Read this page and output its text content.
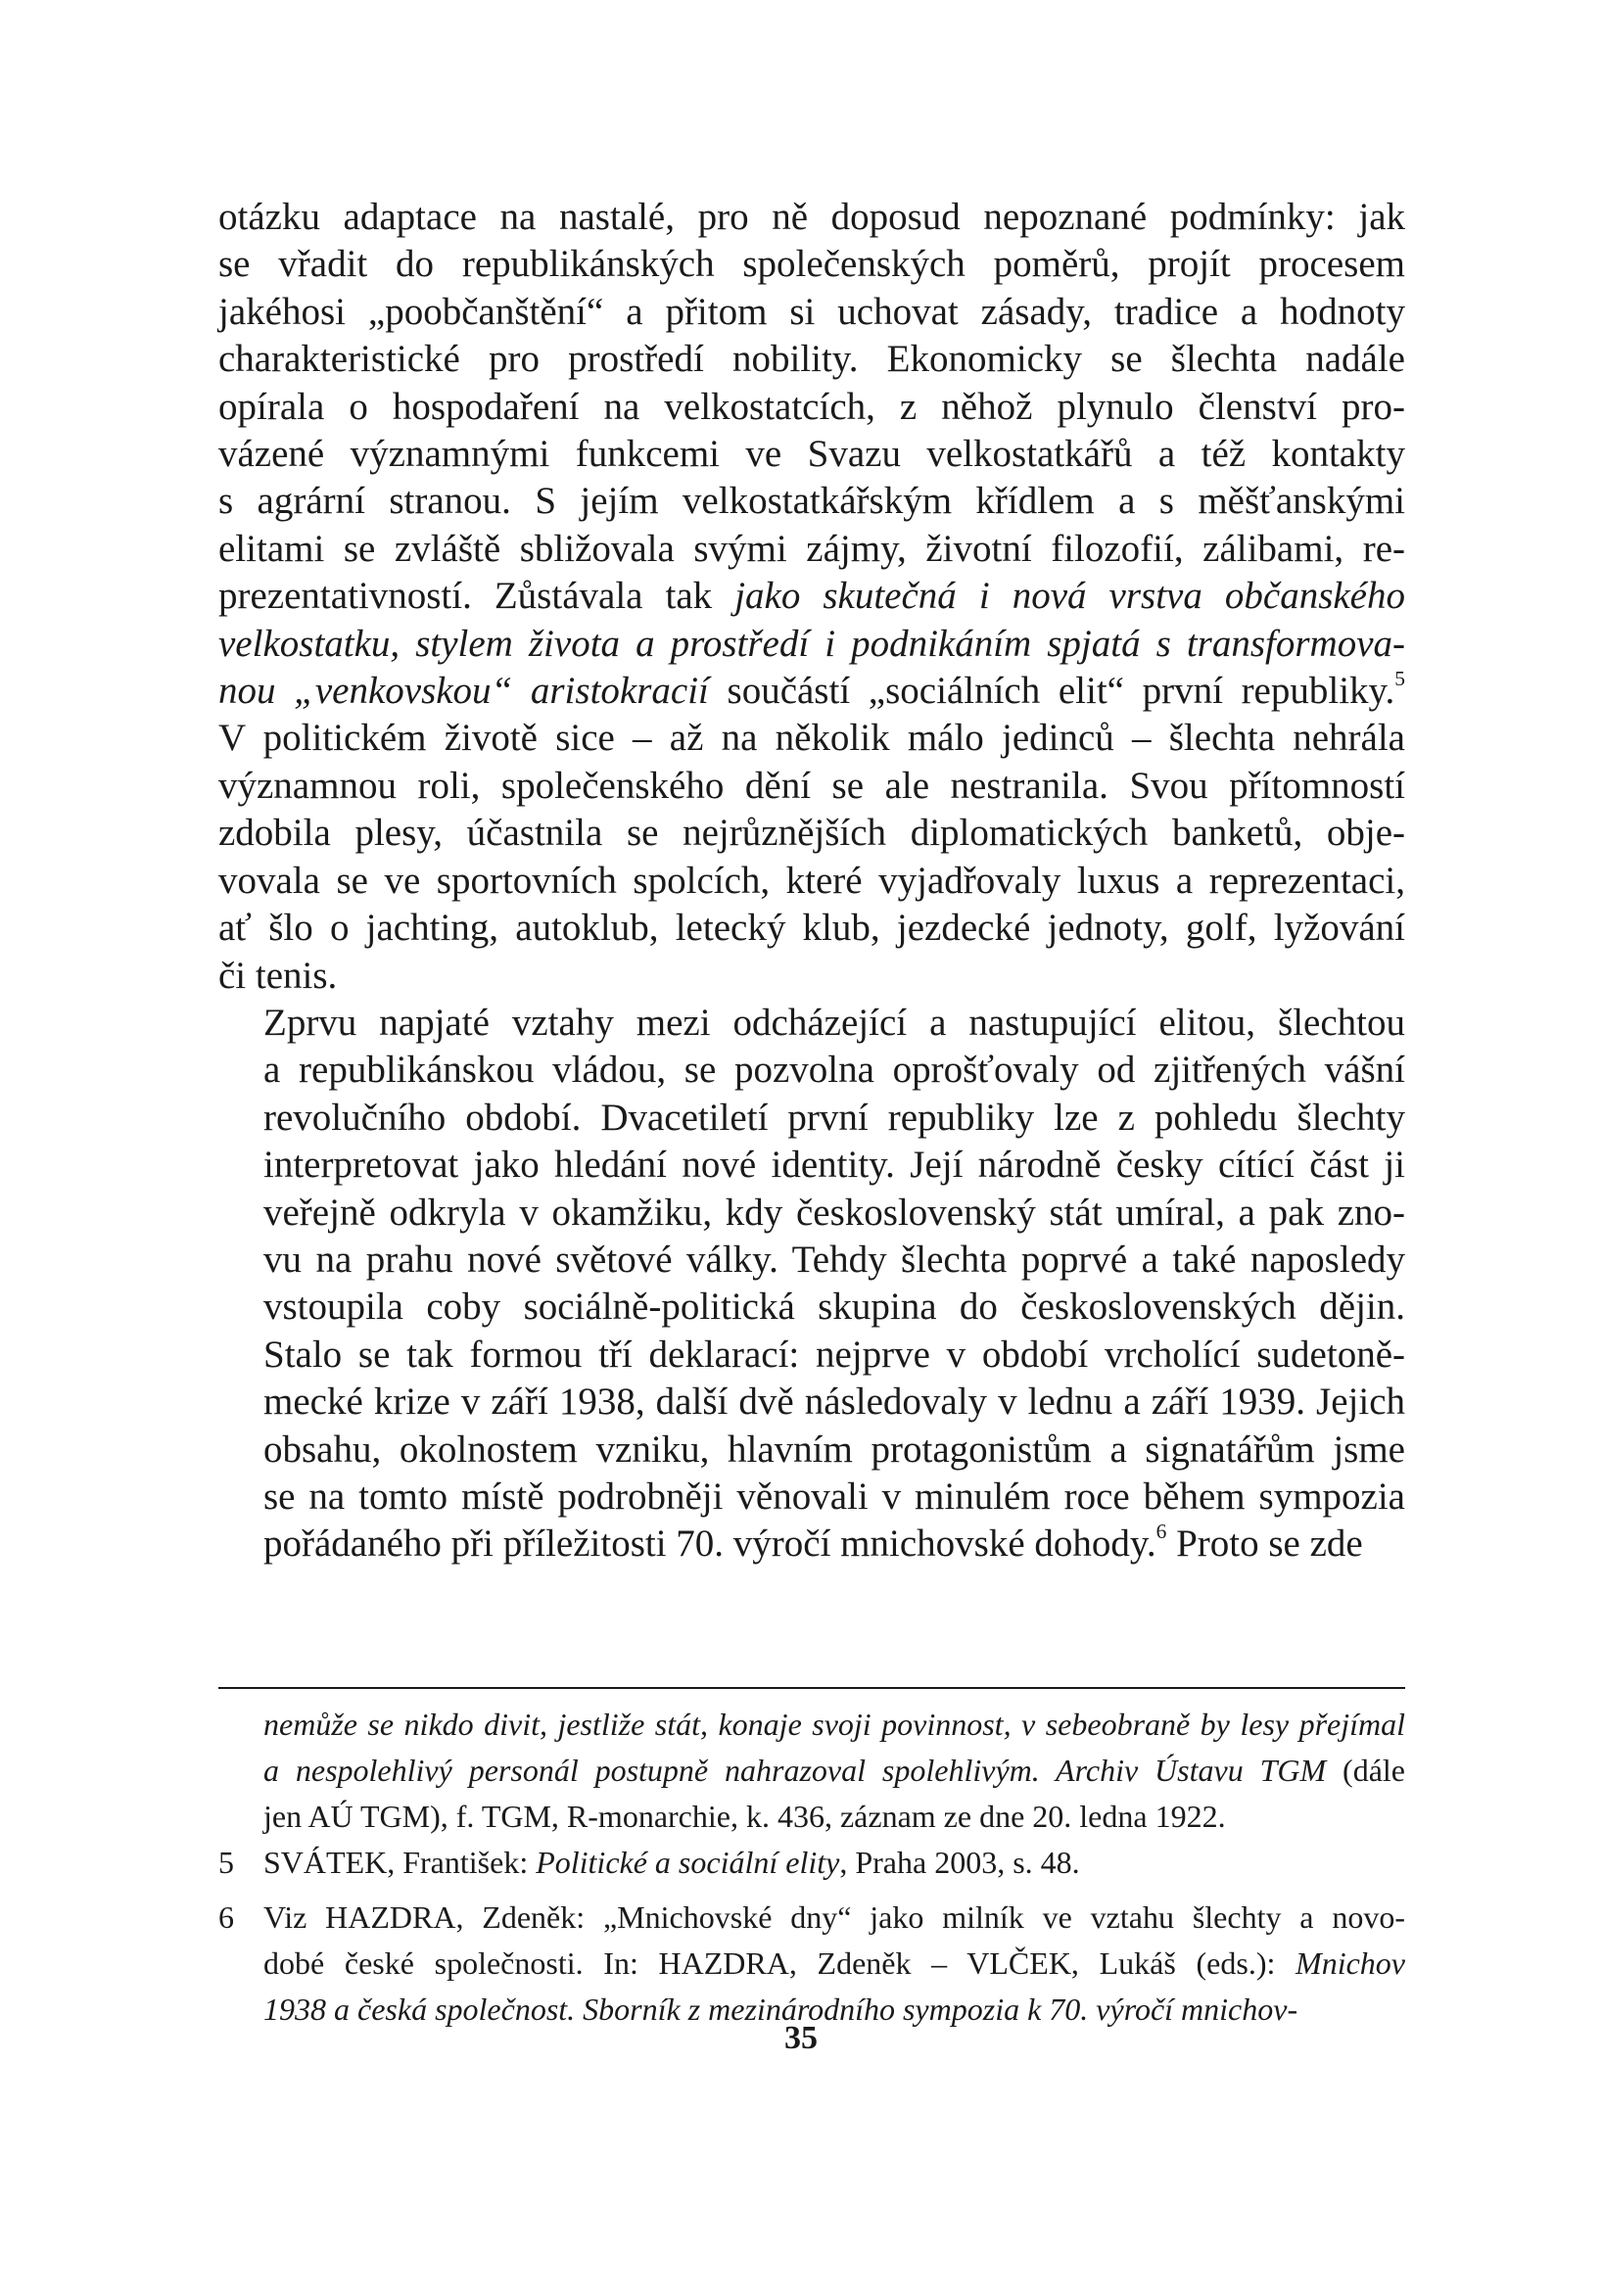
otázku adaptace na nastalé, pro ně doposud nepoznané podmínky: jak
se vřadit do republikánských společenských poměrů, projít procesem
jakéhosi „poobčanštění“ a přitom si uchovat zásady, tradice a hodnoty
charakteristické pro prostředí nobility. Ekonomicky se šlechta nadále
opírala o hospodaření na velkostatcích, z něhož plynulo členství pro-
vázené významnými funkcemi ve Svazu velkostatkářů a též kontakty
s agrární stranou. S jejím velkostatkářským křídlem a s měšťanskými
elitami se zvláště sbližovala svými zájmy, životní filozofií, zálibami, re-
prezentativností. Zůstávala tak jako skutečná i nová vrstva občanského
velkostatku, stylem života a prostředí i podnikáním spjatá s transformova-
nou „venkovskou“ aristokracií součástí „sociálních elit“ první republiky.$^5$
V politickém životě sice – až na několik málo jedinců – šlechta nehrála
významnou roli, společenského dění se ale nestranila. Svou přítomností
zdobila plesy, účastnila se nejrůznějších diplomatických banketů, obje-
vovala se ve sportovních spolcích, které vyjadřovaly luxus a reprezentaci,
ať šlo o jachting, autoklub, letecký klub, jezdecké jednoty, golf, lyžování
či tenis.

Zprvu napjaté vztahy mezi odcházející a nastupující elitou, šlechtou
a republikánskou vládou, se pozvolna oprošťovaly od zjitřených vášní
revolučního období. Dvacetiletí první republiky lze z pohledu šlechty
interpretovat jako hledání nové identity. Její národně česky cítící část ji
veřejně odkryla v okamžiku, kdy československý stát umíral, a pak zno-
vu na prahu nové světové války. Tehdy šlechta poprvé a také naposledy
vstoupila coby sociálně-politická skupina do československých dějin.
Stalo se tak formou tří deklarací: nejprve v období vrcholící sudetoně-
mecké krize v září 1938, další dvě následovaly v lednu a září 1939. Jejich
obsahu, okolnostem vzniku, hlavním protagonistům a signatářům jsme
se na tomto místě podrobněji věnovali v minulém roce během sympozia
pořádaného při příležitosti 70. výročí mnichovské dohody.$^6$ Proto se zde

nemůže se nikdo divit, jestliže stát, konaje svoji povinnost, v sebeobraně by lesy přejímal
a nespolehlivý personál postupně nahrazoval spolehlivým. Archiv Ústavu TGM (dále
jen AÚ TGM), f. TGM, R-monarchie, k. 436, záznam ze dne 20. ledna 1922.
5 SVÁTEK, František: Politické a sociální elity, Praha 2003, s. 48.
6 Viz HAZDRA, Zdeněk: „Mnichovské dny“ jako milník ve vztahu šlechty a novo-
dobé české společnosti. In: HAZDRA, Zdeněk – VLČEK, Lukáš (eds.): Mnichov
1938 a česká společnost. Sborník z mezinárodního sympozia k 70. výročí mnichov-
35
